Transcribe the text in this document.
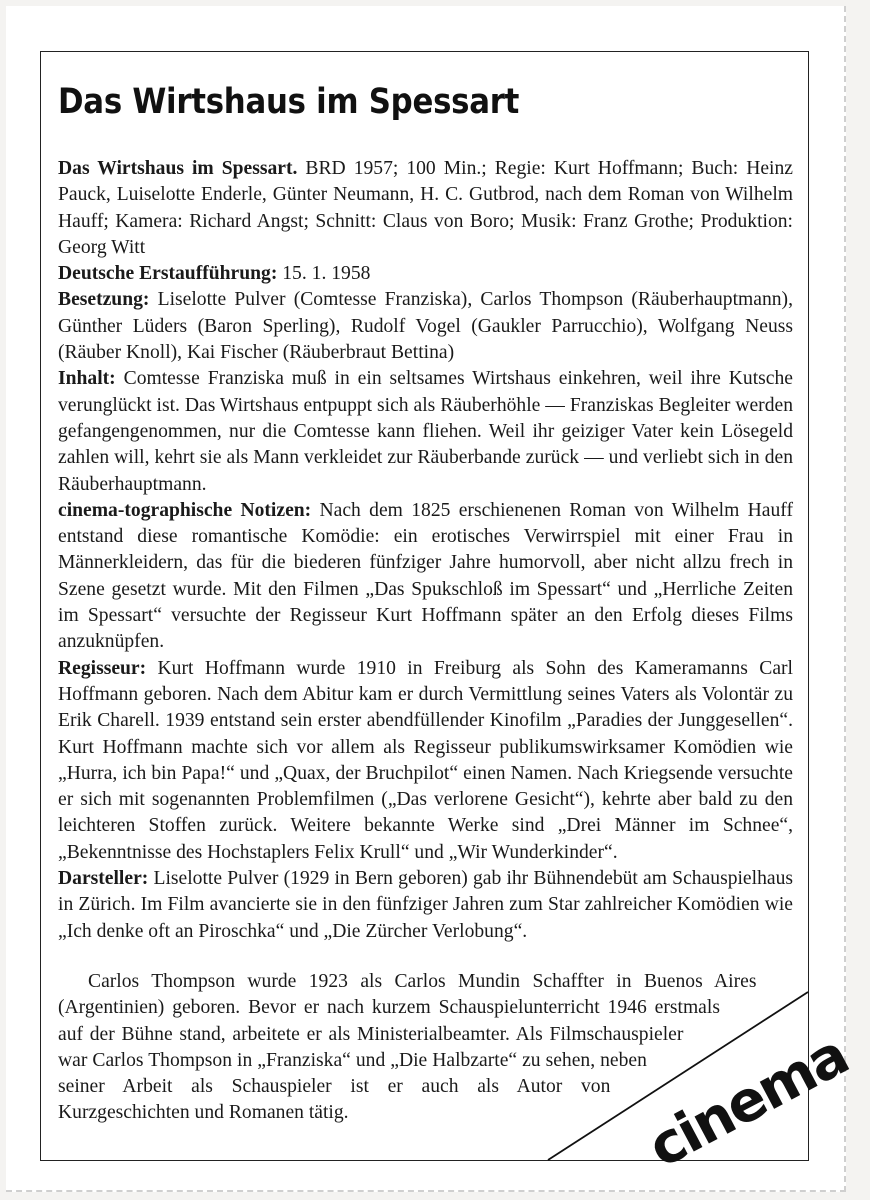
Das Wirtshaus im Spessart

Das Wirtshaus im Spessart. BRD 1957; 100 Min.; Regie: Kurt Hoffmann; Buch: Heinz Pauck, Luiselotte Enderle, Günter Neumann, H. C. Gutbrod, nach dem Roman von Wilhelm Hauff; Kamera: Richard Angst; Schnitt: Claus von Boro; Musik: Franz Grothe; Produktion: Georg Witt

Deutsche Erstaufführung: 15. 1. 1958

Besetzung: Liselotte Pulver (Comtesse Franziska), Carlos Thompson (Räuberhauptmann), Günther Lüders (Baron Sperling), Rudolf Vogel (Gaukler Parrucchio), Wolfgang Neuss (Räuber Knoll), Kai Fischer (Räuberbraut Bettina)

Inhalt: Comtesse Franziska muß in ein seltsames Wirtshaus einkehren, weil ihre Kutsche verunglückt ist. Das Wirtshaus entpuppt sich als Räuberhöhle — Franziskas Begleiter werden gefangengenommen, nur die Comtesse kann fliehen. Weil ihr geiziger Vater kein Lösegeld zahlen will, kehrt sie als Mann verkleidet zur Räuberbande zurück — und verliebt sich in den Räuberhauptmann.

cinema-tographische Notizen: Nach dem 1825 erschienenen Roman von Wilhelm Hauff entstand diese romantische Komödie: ein erotisches Verwirrspiel mit einer Frau in Männerkleidern, das für die biederen fünfziger Jahre humorvoll, aber nicht allzu frech in Szene gesetzt wurde. Mit den Filmen „Das Spukschloß im Spessart“ und „Herrliche Zeiten im Spessart“ versuchte der Regisseur Kurt Hoffmann später an den Erfolg dieses Films anzuknüpfen.

Regisseur: Kurt Hoffmann wurde 1910 in Freiburg als Sohn des Kameramanns Carl Hoffmann geboren. Nach dem Abitur kam er durch Vermittlung seines Vaters als Volontär zu Erik Charell. 1939 entstand sein erster abendfüllender Kinofilm „Paradies der Junggesellen“. Kurt Hoffmann machte sich vor allem als Regisseur publikumswirksamer Komödien wie „Hurra, ich bin Papa!“ und „Quax, der Bruchpilot“ einen Namen. Nach Kriegsende versuchte er sich mit sogenannten Problemfilmen („Das verlorene Gesicht“), kehrte aber bald zu den leichteren Stoffen zurück. Weitere bekannte Werke sind „Drei Männer im Schnee“, „Bekenntnisse des Hochstaplers Felix Krull“ und „Wir Wunderkinder“.

Darsteller: Liselotte Pulver (1929 in Bern geboren) gab ihr Bühnendebüt am Schauspielhaus in Zürich. Im Film avancierte sie in den fünfziger Jahren zum Star zahlreicher Komödien wie „Ich denke oft an Piroschka“ und „Die Zürcher Verlobung“.

Carlos Thompson wurde 1923 als Carlos Mundin Schaffter in Buenos Aires (Argentinien) geboren. Bevor er nach kurzem Schauspielunterricht 1946 erstmals auf der Bühne stand, arbeitete er als Ministerialbeamter. Als Filmschauspieler war Carlos Thompson in „Franziska“ und „Die Halbzarte“ zu sehen, neben seiner Arbeit als Schauspieler ist er auch als Autor von Kurzgeschichten und Romanen tätig.	cinema
